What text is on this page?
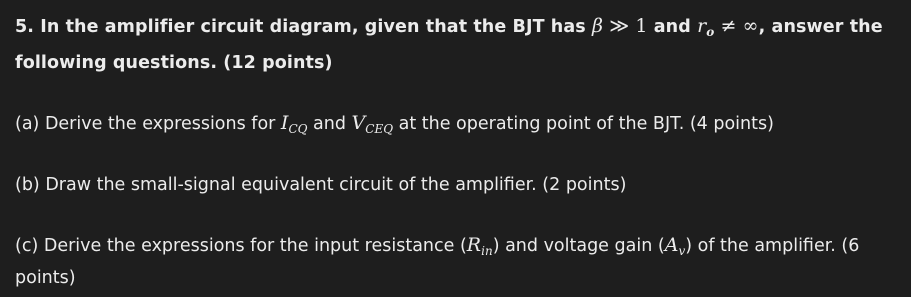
5. In the amplifier circuit diagram, given that the BJT has β ≫ 1 and $r_o$ ≠ ∞, answer the

following questions. (12 points)

(a) Derive the expressions for $I_{CQ}$ and $V_{CEQ}$ at the operating point of the BJT. (4 points)

(b) Draw the small-signal equivalent circuit of the amplifier. (2 points)

(c) Derive the expressions for the input resistance $(R_{in})$ and voltage gain $(A_v)$ of the amplifier. (6

points)
